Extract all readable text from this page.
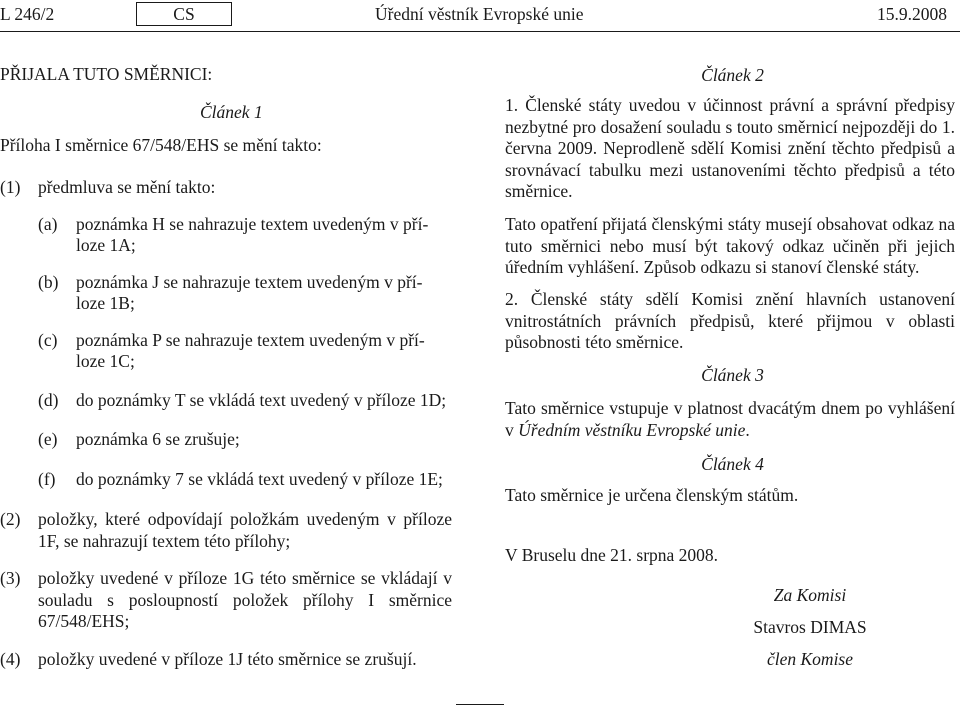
L 246/2	CS	Úřední věstník Evropské unie	15.9.2008
PŘIJALA TUTO SMĚRNICI:
Článek 1
Příloha I směrnice 67/548/EHS se mění takto:
(1) předmluva se mění takto:
(a) poznámka H se nahrazuje textem uvedeným v pří-
loze 1A;
(b) poznámka J se nahrazuje textem uvedeným v pří-
loze 1B;
(c) poznámka P se nahrazuje textem uvedeným v pří-
loze 1C;
(d) do poznámky T se vkládá text uvedený v příloze 1D;
(e) poznámka 6 se zrušuje;
(f) do poznámky 7 se vkládá text uvedený v příloze 1E;
(2) položky, které odpovídají položkám uvedeným v příloze 1F, se nahrazují textem této přílohy;
(3) položky uvedené v příloze 1G této směrnice se vkládají v souladu s posloupností položek přílohy I směrnice 67/548/EHS;
(4) položky uvedené v příloze 1J této směrnice se zrušují.
Článek 2
1. Členské státy uvedou v účinnost právní a správní předpisy nezbytné pro dosažení souladu s touto směrnicí nejpozději do 1. června 2009. Neprodleně sdělí Komisi znění těchto předpisů a srovnávací tabulku mezi ustanoveními těchto předpisů a této směrnice.
Tato opatření přijatá členskými státy musejí obsahovat odkaz na tuto směrnici nebo musí být takový odkaz učiněn při jejich úředním vyhlášení. Způsob odkazu si stanoví členské státy.
2. Členské státy sdělí Komisi znění hlavních ustanovení vnitrostátních právních předpisů, které přijmou v oblasti působnosti této směrnice.
Článek 3
Tato směrnice vstupuje v platnost dvacátým dnem po vyhlášení v Úředním věstníku Evropské unie.
Článek 4
Tato směrnice je určena členským státům.
V Bruselu dne 21. srpna 2008.
Za Komisi
Stavros DIMAS
člen Komise
